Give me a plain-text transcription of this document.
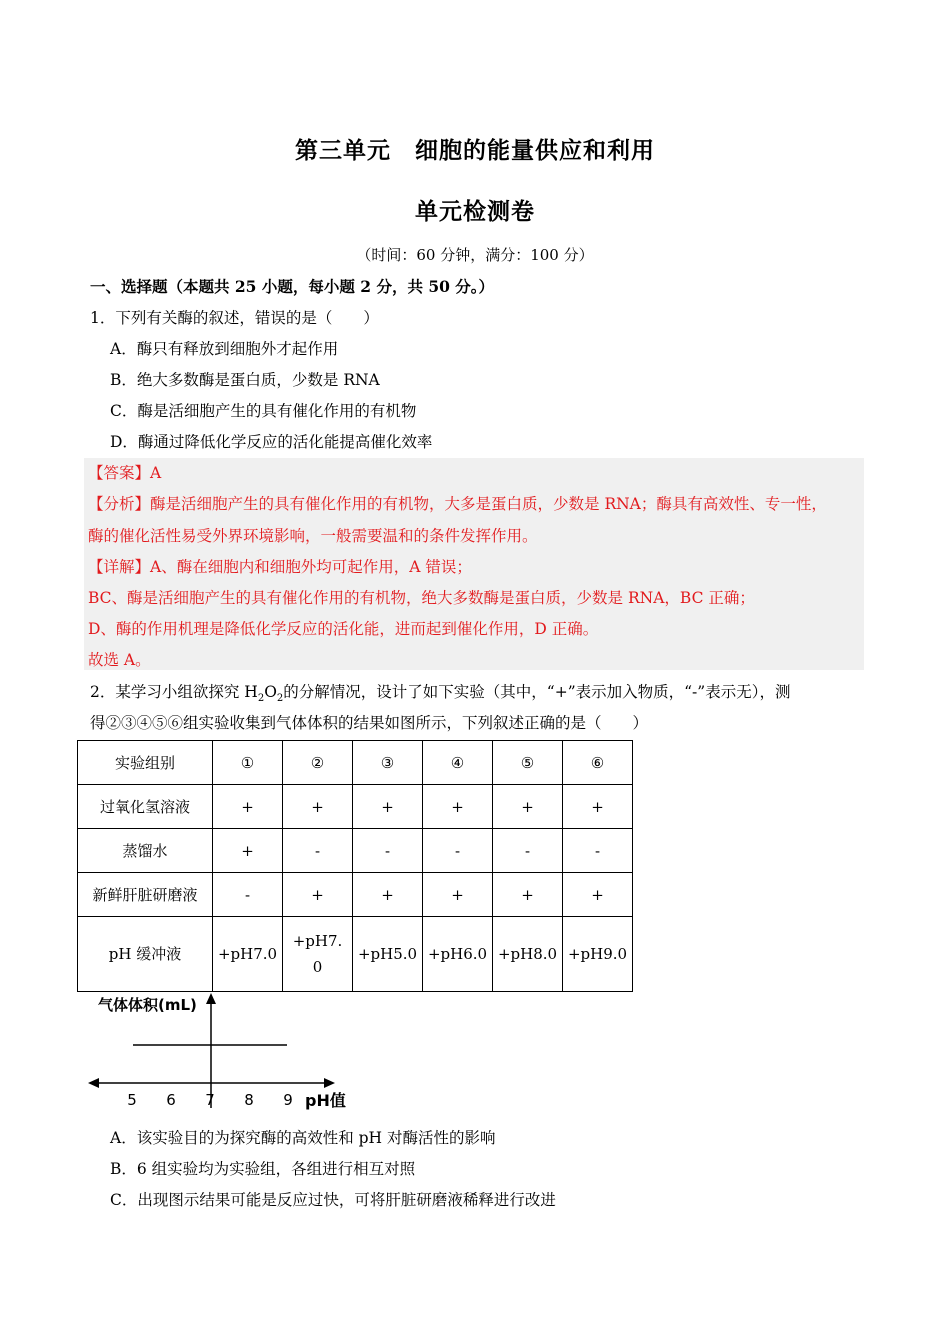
第三单元　细胞的能量供应和利用
单元检测卷
（时间：60 分钟，满分：100 分）
一、选择题（本题共 25 小题，每小题 2 分，共 50 分。）
1．下列有关酶的叙述，错误的是（　　）
A．酶只有释放到细胞外才起作用
B．绝大多数酶是蛋白质，少数是 RNA
C．酶是活细胞产生的具有催化作用的有机物
D．酶通过降低化学反应的活化能提高催化效率
【答案】A
【分析】酶是活细胞产生的具有催化作用的有机物，大多是蛋白质，少数是 RNA；酶具有高效性、专一性，
酶的催化活性易受外界环境影响，一般需要温和的条件发挥作用。
【详解】A、酶在细胞内和细胞外均可起作用，A 错误；
BC、酶是活细胞产生的具有催化作用的有机物，绝大多数酶是蛋白质，少数是 RNA，BC 正确；
D、酶的作用机理是降低化学反应的活化能，进而起到催化作用，D 正确。
故选 A。
2．某学习小组欲探究 $H_2O_2$的分解情况，设计了如下实验（其中，“+”表示加入物质，“-”表示无），测
得②③④⑤⑥组实验收集到气体体积的结果如图所示，下列叙述正确的是（　　）
实验组别	①	②	③	④	⑤	⑥
过氧化氢溶液	+	+	+	+	+	+
蒸馏水	+	-	-	-	-	-
新鲜肝脏研磨液	-	+	+	+	+	+
pH 缓冲液	+pH7.0	+pH7.
0	+pH5.0	+pH6.0	+pH8.0	+pH9.0
气体体积(mL)
5 6 7 8 9 pH值
A．该实验目的为探究酶的高效性和 pH 对酶活性的影响
B．6 组实验均为实验组，各组进行相互对照
C．出现图示结果可能是反应过快，可将肝脏研磨液稀释进行改进
